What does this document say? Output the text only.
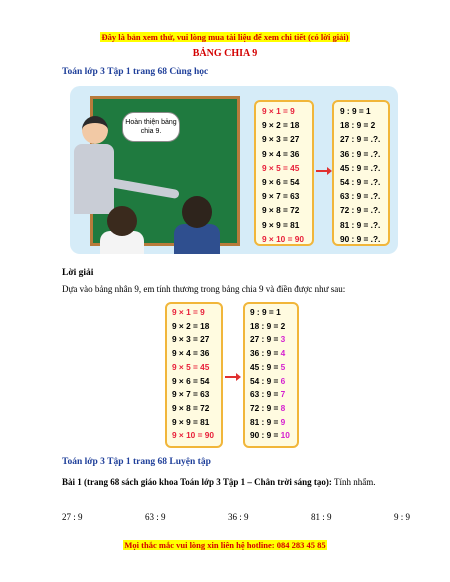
Đây là bản xem thử, vui lòng mua tài liệu để xem chi tiết (có lời giải)
BẢNG CHIA 9
Toán lớp 3 Tập 1 trang 68 Cùng học
Hoàn thiện bảng chia 9.
9 × 1 = 9
9 × 2 = 18
9 × 3 = 27
9 × 4 = 36
9 × 5 = 45
9 × 6 = 54
9 × 7 = 63
9 × 8 = 72
9 × 9 = 81
9 × 10 = 90
9 : 9 = 1
18 : 9 = 2
27 : 9 = .?.
36 : 9 = .?.
45 : 9 = .?.
54 : 9 = .?.
63 : 9 = .?.
72 : 9 = .?.
81 : 9 = .?.
90 : 9 = .?.
Lời giải
Dựa vào bảng nhân 9, em tính thương trong bảng chia 9 và điền được như sau:
9 × 1 = 9
9 × 2 = 18
9 × 3 = 27
9 × 4 = 36
9 × 5 = 45
9 × 6 = 54
9 × 7 = 63
9 × 8 = 72
9 × 9 = 81
9 × 10 = 90
9 : 9 = 1
18 : 9 = 2
27 : 9 = 3
36 : 9 = 4
45 : 9 = 5
54 : 9 = 6
63 : 9 = 7
72 : 9 = 8
81 : 9 = 9
90 : 9 = 10
Toán lớp 3 Tập 1 trang 68 Luyện tập
Bài 1 (trang 68 sách giáo khoa Toán lớp 3 Tập 1 – Chân trời sáng tạo): Tính nhẩm.
27 : 9	63 : 9	36 : 9	81 : 9	9 : 9
Mọi thắc mắc vui lòng xin liên hệ hotline: 084 283 45 85
